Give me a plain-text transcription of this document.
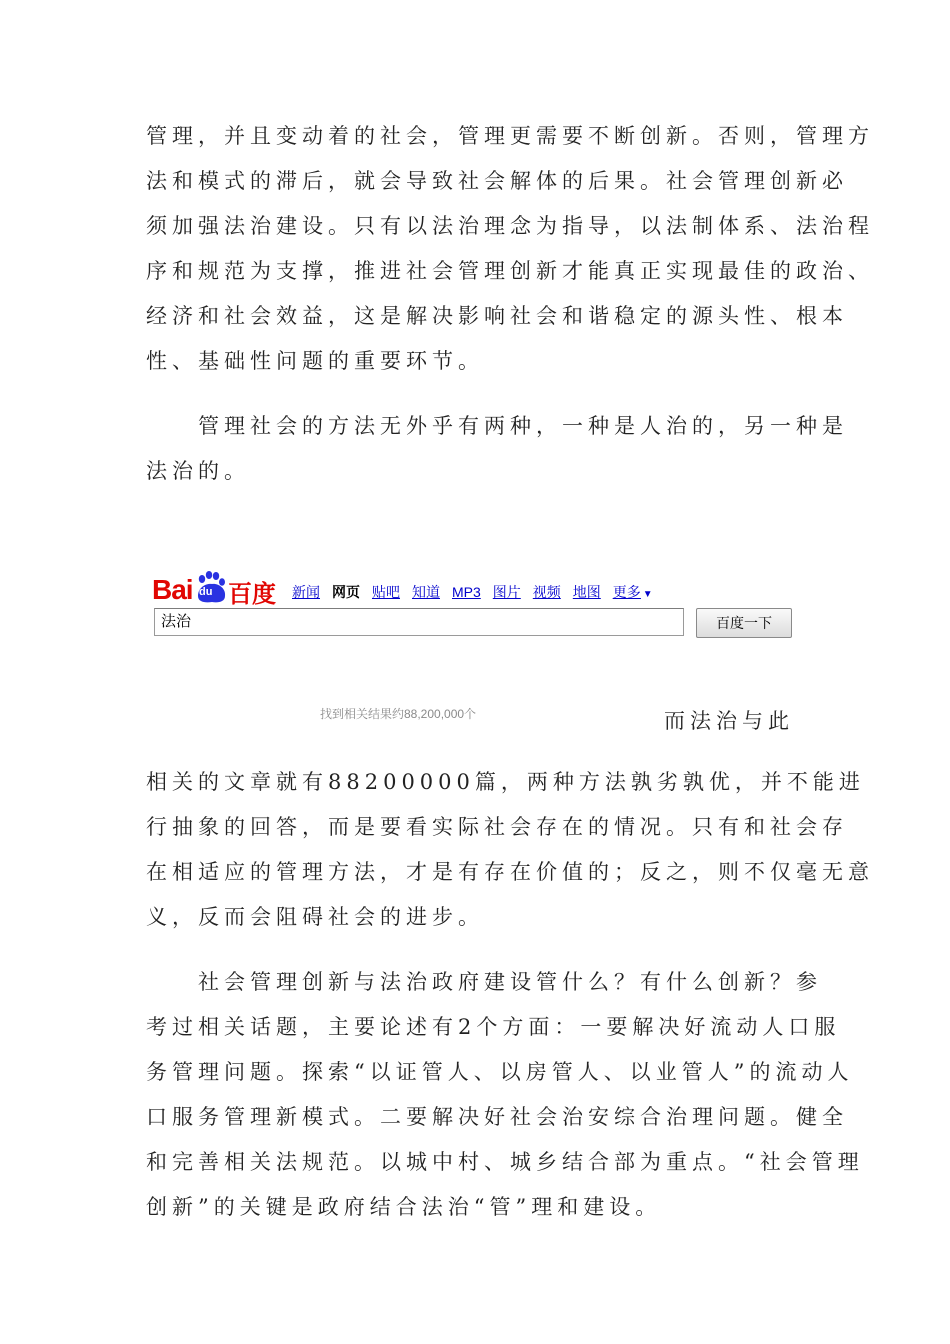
管理，并且变动着的社会，管理更需要不断创新。否则，管理方
法和模式的滞后，就会导致社会解体的后果。社会管理创新必
须加强法治建设。只有以法治理念为指导，以法制体系、法治程
序和规范为支撑，推进社会管理创新才能真正实现最佳的政治、
经济和社会效益，这是解决影响社会和谐稳定的源头性、根本
性、基础性问题的重要环节。
管理社会的方法无外乎有两种，一种是人治的，另一种是
法治的。
Bai du 百度 新闻 网页 贴吧 知道 MP3 图片 视频 地图 更多 ▼
法治	百度一下
找到相关结果约88,200,000个	而法治与此
相关的文章就有88200000篇，两种方法孰劣孰优，并不能进
行抽象的回答，而是要看实际社会存在的情况。只有和社会存
在相适应的管理方法，才是有存在价值的；反之，则不仅毫无意
义，反而会阻碍社会的进步。
社会管理创新与法治政府建设管什么？有什么创新？参
考过相关话题，主要论述有2个方面：一要解决好流动人口服
务管理问题。探索“以证管人、以房管人、以业管人”的流动人
口服务管理新模式。二要解决好社会治安综合治理问题。健全
和完善相关法规范。以城中村、城乡结合部为重点。“社会管理
创新”的关键是政府结合法治“管”理和建设。
